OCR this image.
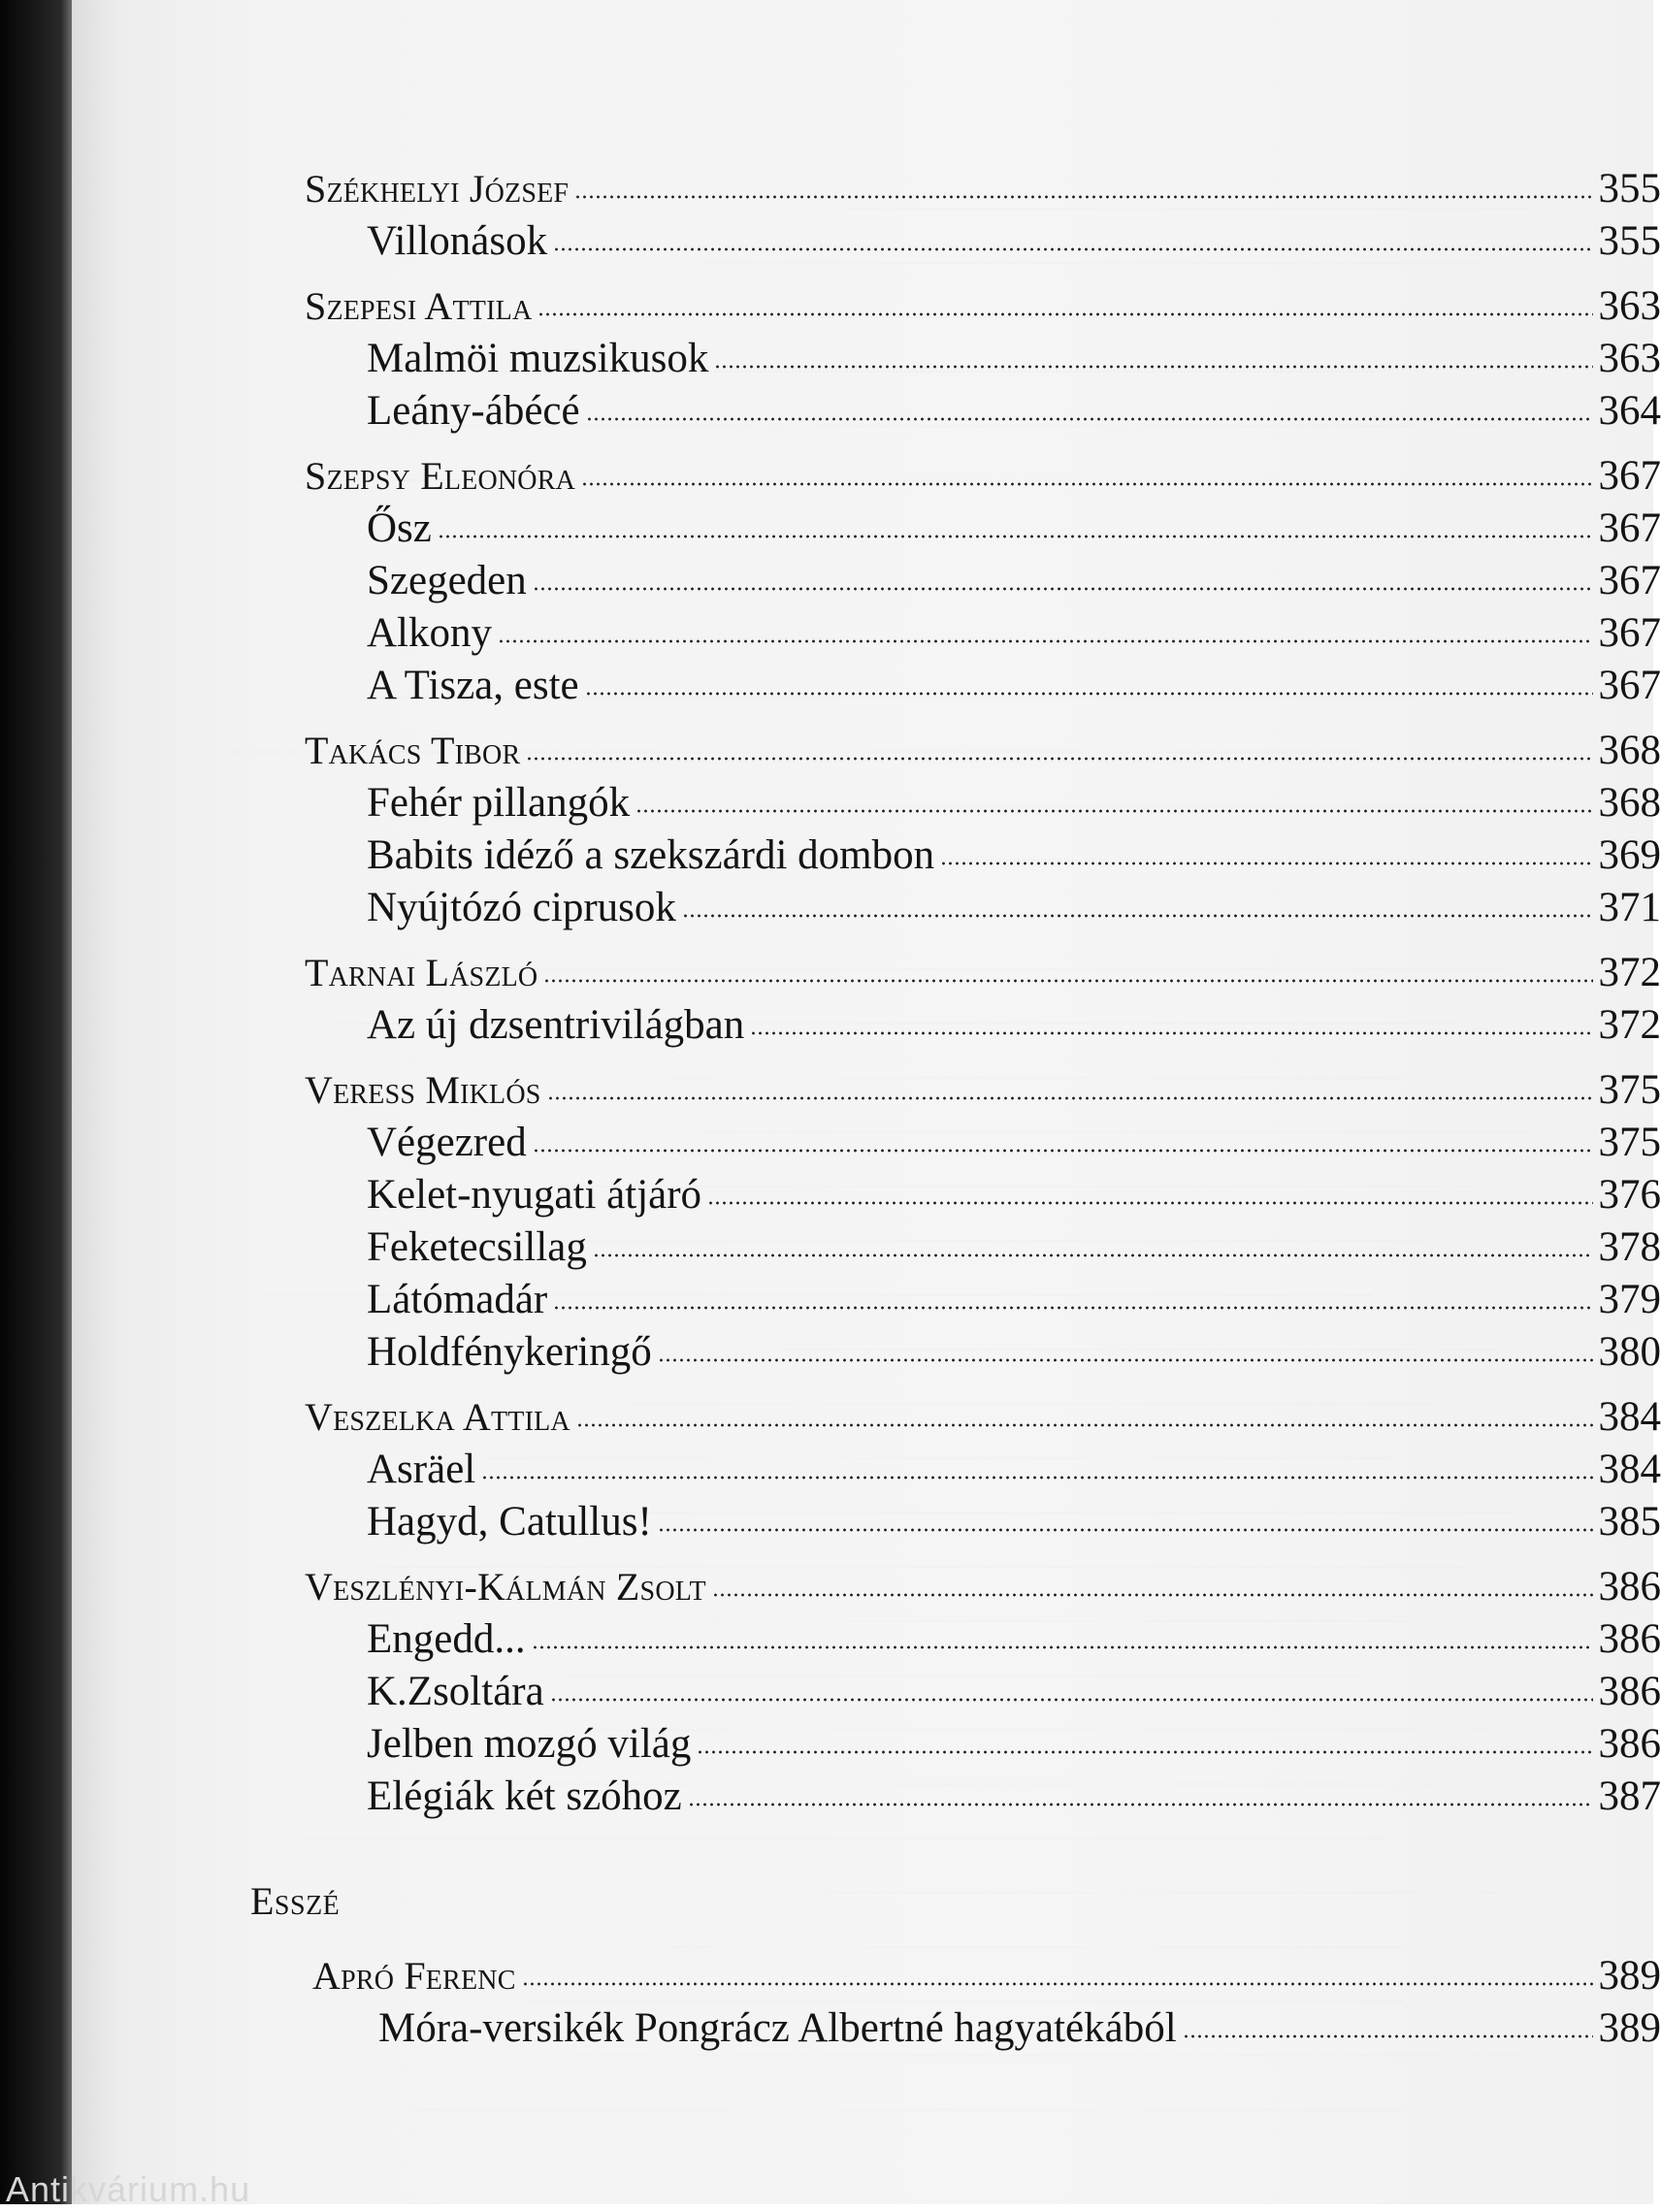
Székhelyi József	355
Villonások	355
Szepesi Attila	363
Malmöi muzsikusok	363
Leány-ábécé	364
Szepsy Eleonóra	367
Ősz	367
Szegeden	367
Alkony	367
A Tisza, este	367
Takács Tibor	368
Fehér pillangók	368
Babits idéző a szekszárdi dombon	369
Nyújtózó ciprusok	371
Tarnai László	372
Az új dzsentrivilágban	372
Veress Miklós	375
Végezred	375
Kelet-nyugati átjáró	376
Feketecsillag	378
Látómadár	379
Holdfénykeringő	380
Veszelka Attila	384
Asräel	384
Hagyd, Catullus!	385
Veszlényi-Kálmán Zsolt	386
Engedd...	386
K.Zsoltára	386
Jelben mozgó világ	386
Elégiák két szóhoz	387
Esszé
Apró Ferenc	389
Móra-versikék Pongrácz Albertné hagyatékából	389
Antikvárium.hu
